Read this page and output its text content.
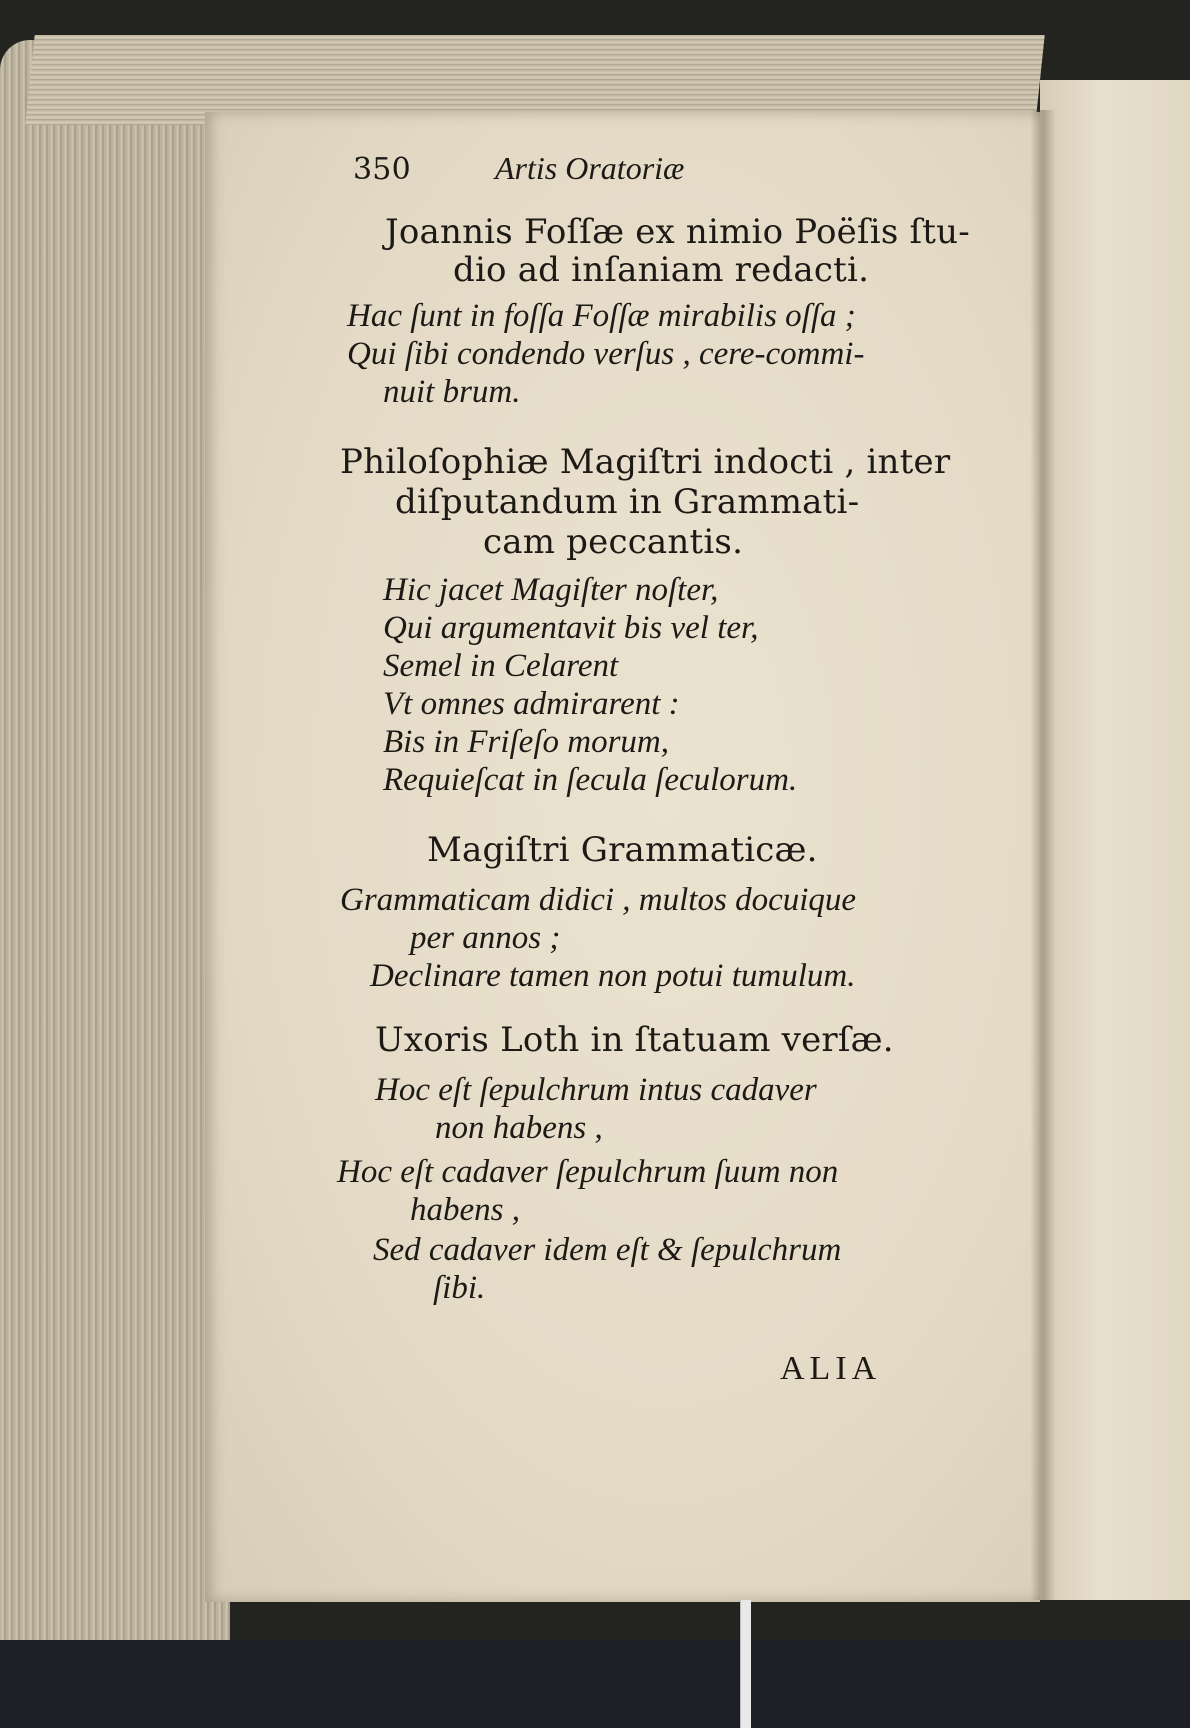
350	Artis Oratoriæ
Joannis Foſſæ ex nimio Poëſis ſtu-
dio ad inſaniam redacti.
Hac ſunt in foſſa Foſſæ mirabilis oſſa ;
Qui ſibi condendo verſus , cere-commi-
nuit brum.
Philoſophiæ Magiſtri indocti , inter
diſputandum in Grammati-
cam peccantis.
Hic jacet Magiſter noſter,
Qui argumentavit bis vel ter,
Semel in Celarent
Vt omnes admirarent :
Bis in Friſeſo morum,
Requieſcat in ſecula ſeculorum.
Magiſtri Grammaticæ.
Grammaticam didici , multos docuique
per annos ;
Declinare tamen non potui tumulum.
Uxoris Loth in ſtatuam verſæ.
Hoc eſt ſepulchrum intus cadaver
non habens ,
Hoc eſt cadaver ſepulchrum ſuum non
habens ,
Sed cadaver idem eſt & ſepulchrum
ſibi.
ALIA
